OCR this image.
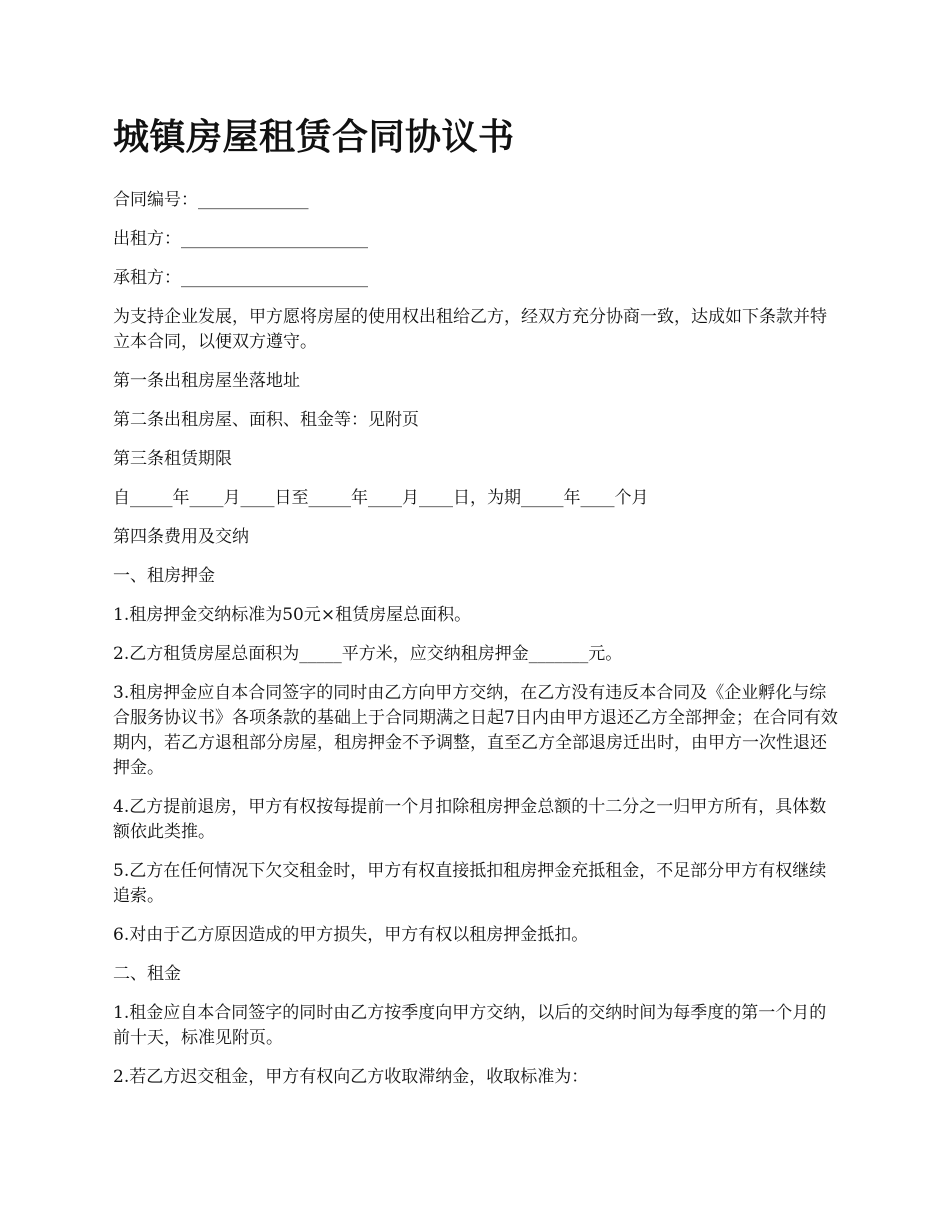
城镇房屋租赁合同协议书

合同编号：_____________

出租方：______________________

承租方：______________________

为支持企业发展，甲方愿将房屋的使用权出租给乙方，经双方充分协商一致，达成如下条款并特立本合同，以便双方遵守。

第一条出租房屋坐落地址

第二条出租房屋、面积、租金等：见附页

第三条租赁期限

自_____年____月____日至_____年____月____日，为期_____年____个月

第四条费用及交纳

一、租房押金

1.租房押金交纳标准为50元×租赁房屋总面积。

2.乙方租赁房屋总面积为_____平方米，应交纳租房押金_______元。

3.租房押金应自本合同签字的同时由乙方向甲方交纳，在乙方没有违反本合同及《企业孵化与综合服务协议书》各项条款的基础上于合同期满之日起7日内由甲方退还乙方全部押金；在合同有效期内，若乙方退租部分房屋，租房押金不予调整，直至乙方全部退房迁出时，由甲方一次性退还押金。

4.乙方提前退房，甲方有权按每提前一个月扣除租房押金总额的十二分之一归甲方所有，具体数额依此类推。

5.乙方在任何情况下欠交租金时，甲方有权直接抵扣租房押金充抵租金，不足部分甲方有权继续追索。

6.对由于乙方原因造成的甲方损失，甲方有权以租房押金抵扣。

二、租金

1.租金应自本合同签字的同时由乙方按季度向甲方交纳，以后的交纳时间为每季度的第一个月的前十天，标准见附页。

2.若乙方迟交租金，甲方有权向乙方收取滞纳金，收取标准为：
